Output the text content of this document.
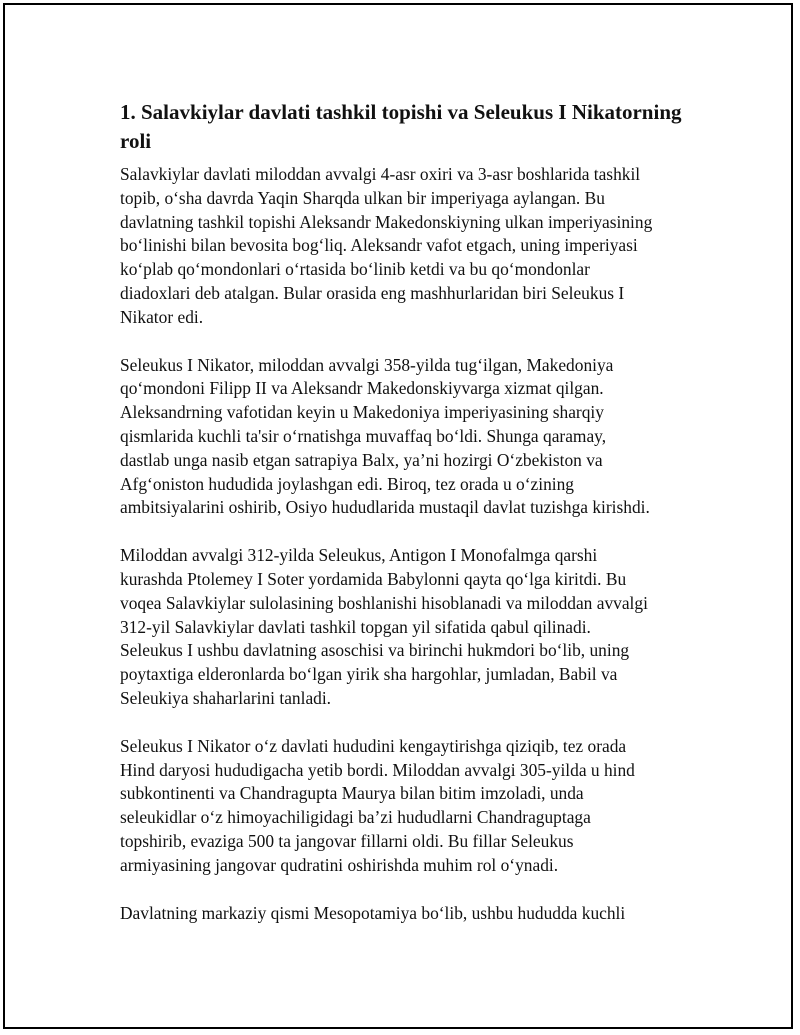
1. Salavkiylar davlati tashkil topishi va Seleukus I Nikatorning
roli

Salavkiylar davlati miloddan avvalgi 4-asr oxiri va 3-asr boshlarida tashkil
topib, o‘sha davrda Yaqin Sharqda ulkan bir imperiyaga aylangan. Bu
davlatning tashkil topishi Aleksandr Makedonskiyning ulkan imperiyasining
bo‘linishi bilan bevosita bog‘liq. Aleksandr vafot etgach, uning imperiyasi
ko‘plab qo‘mondonlari o‘rtasida bo‘linib ketdi va bu qo‘mondonlar
diadoxlari deb atalgan. Bular orasida eng mashhurlaridan biri Seleukus I
Nikator edi.

Seleukus I Nikator, miloddan avvalgi 358-yilda tug‘ilgan, Makedoniya
qo‘mondoni Filipp II va Aleksandr Makedonskiyvarga xizmat qilgan.
Aleksandrning vafotidan keyin u Makedoniya imperiyasining sharqiy
qismlarida kuchli ta'sir o‘rnatishga muvaffaq bo‘ldi. Shunga qaramay,
dastlab unga nasib etgan satrapiya Balx, ya’ni hozirgi O‘zbekiston va
Afg‘oniston hududida joylashgan edi. Biroq, tez orada u o‘zining
ambitsiyalarini oshirib, Osiyo hududlarida mustaqil davlat tuzishga kirishdi.

Miloddan avvalgi 312-yilda Seleukus, Antigon I Monofalmga qarshi
kurashda Ptolemey I Soter yordamida Babylonni qayta qo‘lga kiritdi. Bu
voqea Salavkiylar sulolasining boshlanishi hisoblanadi va miloddan avvalgi
312-yil Salavkiylar davlati tashkil topgan yil sifatida qabul qilinadi.
Seleukus I ushbu davlatning asoschisi va birinchi hukmdori bo‘lib, uning
poytaxtiga elderonlarda bo‘lgan yirik sha hargohlar, jumladan, Babil va
Seleukiya shaharlarini tanladi.

Seleukus I Nikator o‘z davlati hududini kengaytirishga qiziqib, tez orada
Hind daryosi hududigacha yetib bordi. Miloddan avvalgi 305-yilda u hind
subkontinenti va Chandragupta Maurya bilan bitim imzoladi, unda
seleukidlar o‘z himoyachiligidagi ba’zi hududlarni Chandraguptaga
topshirib, evaziga 500 ta jangovar fillarni oldi. Bu fillar Seleukus
armiyasining jangovar qudratini oshirishda muhim rol o‘ynadi.

Davlatning markaziy qismi Mesopotamiya bo‘lib, ushbu hududda kuchli
